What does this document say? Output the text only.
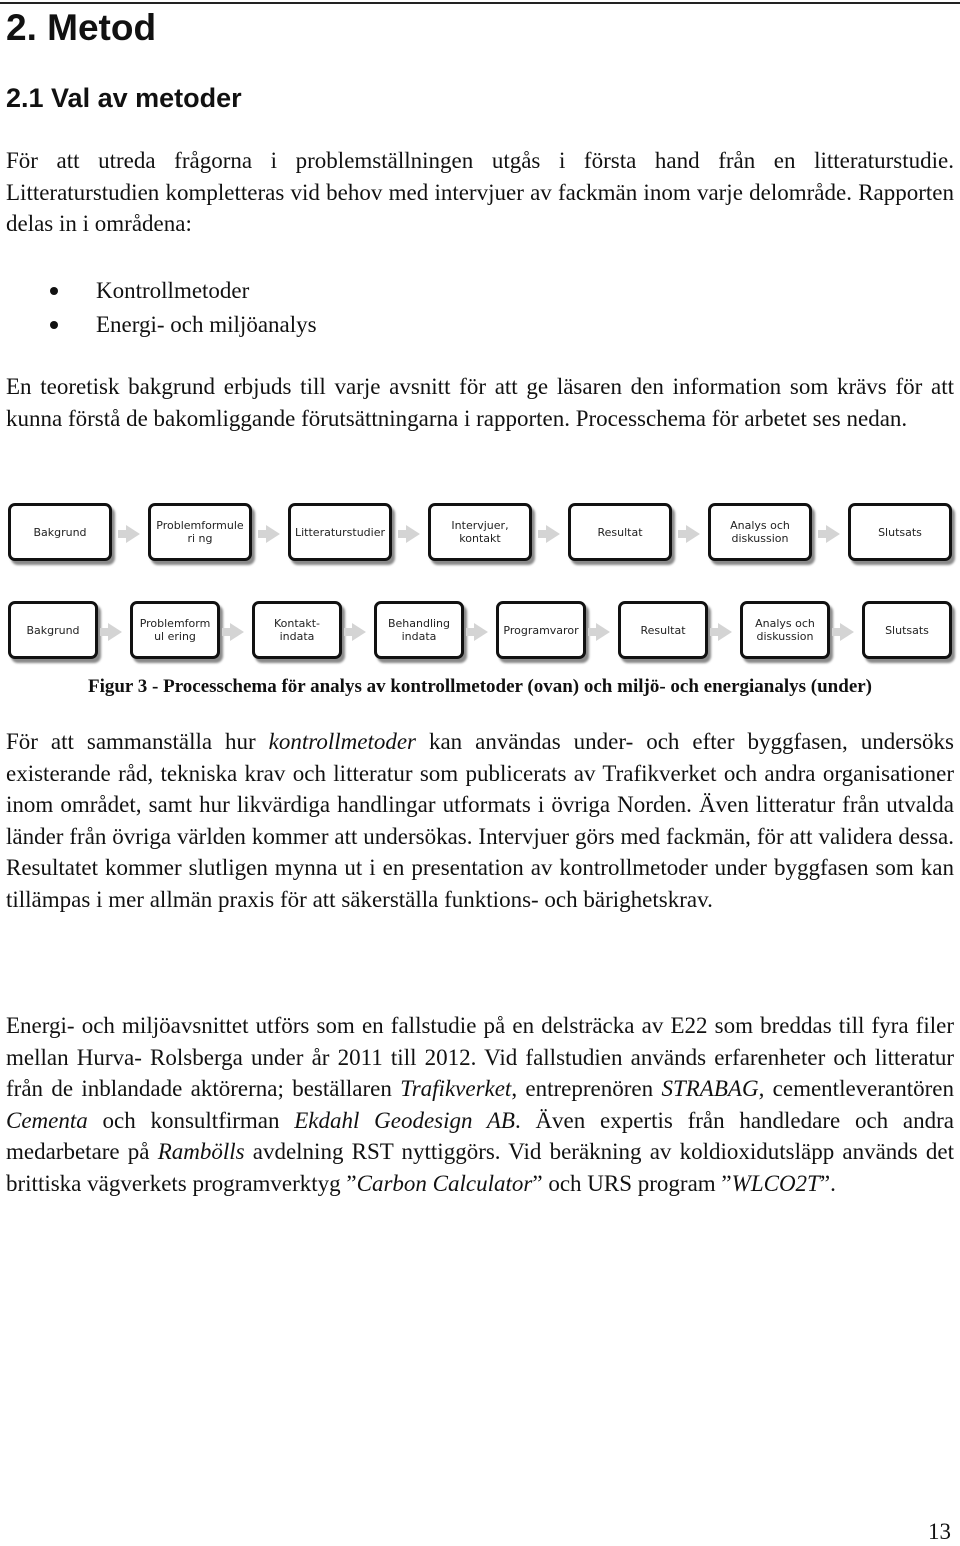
2. Metod
2.1 Val av metoder

För att utreda frågorna i problemställningen utgås i första hand från en litteraturstudie. Litteraturstudien kompletteras vid behov med intervjuer av fackmän inom varje delområde. Rapporten delas in i områdena:

Kontrollmetoder
Energi- och miljöanalys

En teoretisk bakgrund erbjuds till varje avsnitt för att ge läsaren den information som krävs för att kunna förstå de bakomliggande förutsättningarna i rapporten. Processchema för arbetet ses nedan.

Bakgrund	Problemformuleri ng	Litteraturstudier	Intervjuer, kontakt	Resultat	Analys och diskussion	Slutsats
Bakgrund	Problemformul ering
Kontakt- indata
Behandling indata	Programvaror	Resultat	Analys och diskussion	Slutsats

Figur 3 - Processchema för analys av kontrollmetoder (ovan) och miljö- och energianalys (under)

För att sammanställa hur kontrollmetoder kan användas under- och efter byggfasen, undersöks existerande råd, tekniska krav och litteratur som publicerats av Trafikverket och andra organisationer inom området, samt hur likvärdiga handlingar utformats i övriga Norden. Även litteratur från utvalda länder från övriga världen kommer att undersökas. Intervjuer görs med fackmän, för att validera dessa. Resultatet kommer slutligen mynna ut i en presentation av kontrollmetoder under byggfasen som kan tillämpas i mer allmän praxis för att säkerställa funktions- och bärighetskrav.

Energi- och miljöavsnittet utförs som en fallstudie på en delsträcka av E22 som breddas till fyra filer mellan Hurva- Rolsberga under år 2011 till 2012. Vid fallstudien används erfarenheter och litteratur från de inblandade aktörerna; beställaren Trafikverket, entreprenören STRABAG, cementleverantören Cementa och konsultfirman Ekdahl Geodesign AB. Även expertis från handledare och andra medarbetare på Rambölls avdelning RST nyttiggörs. Vid beräkning av koldioxidutsläpp används det brittiska vägverkets programverktyg ”Carbon Calculator” och URS program ”WLCO2T”.

13
